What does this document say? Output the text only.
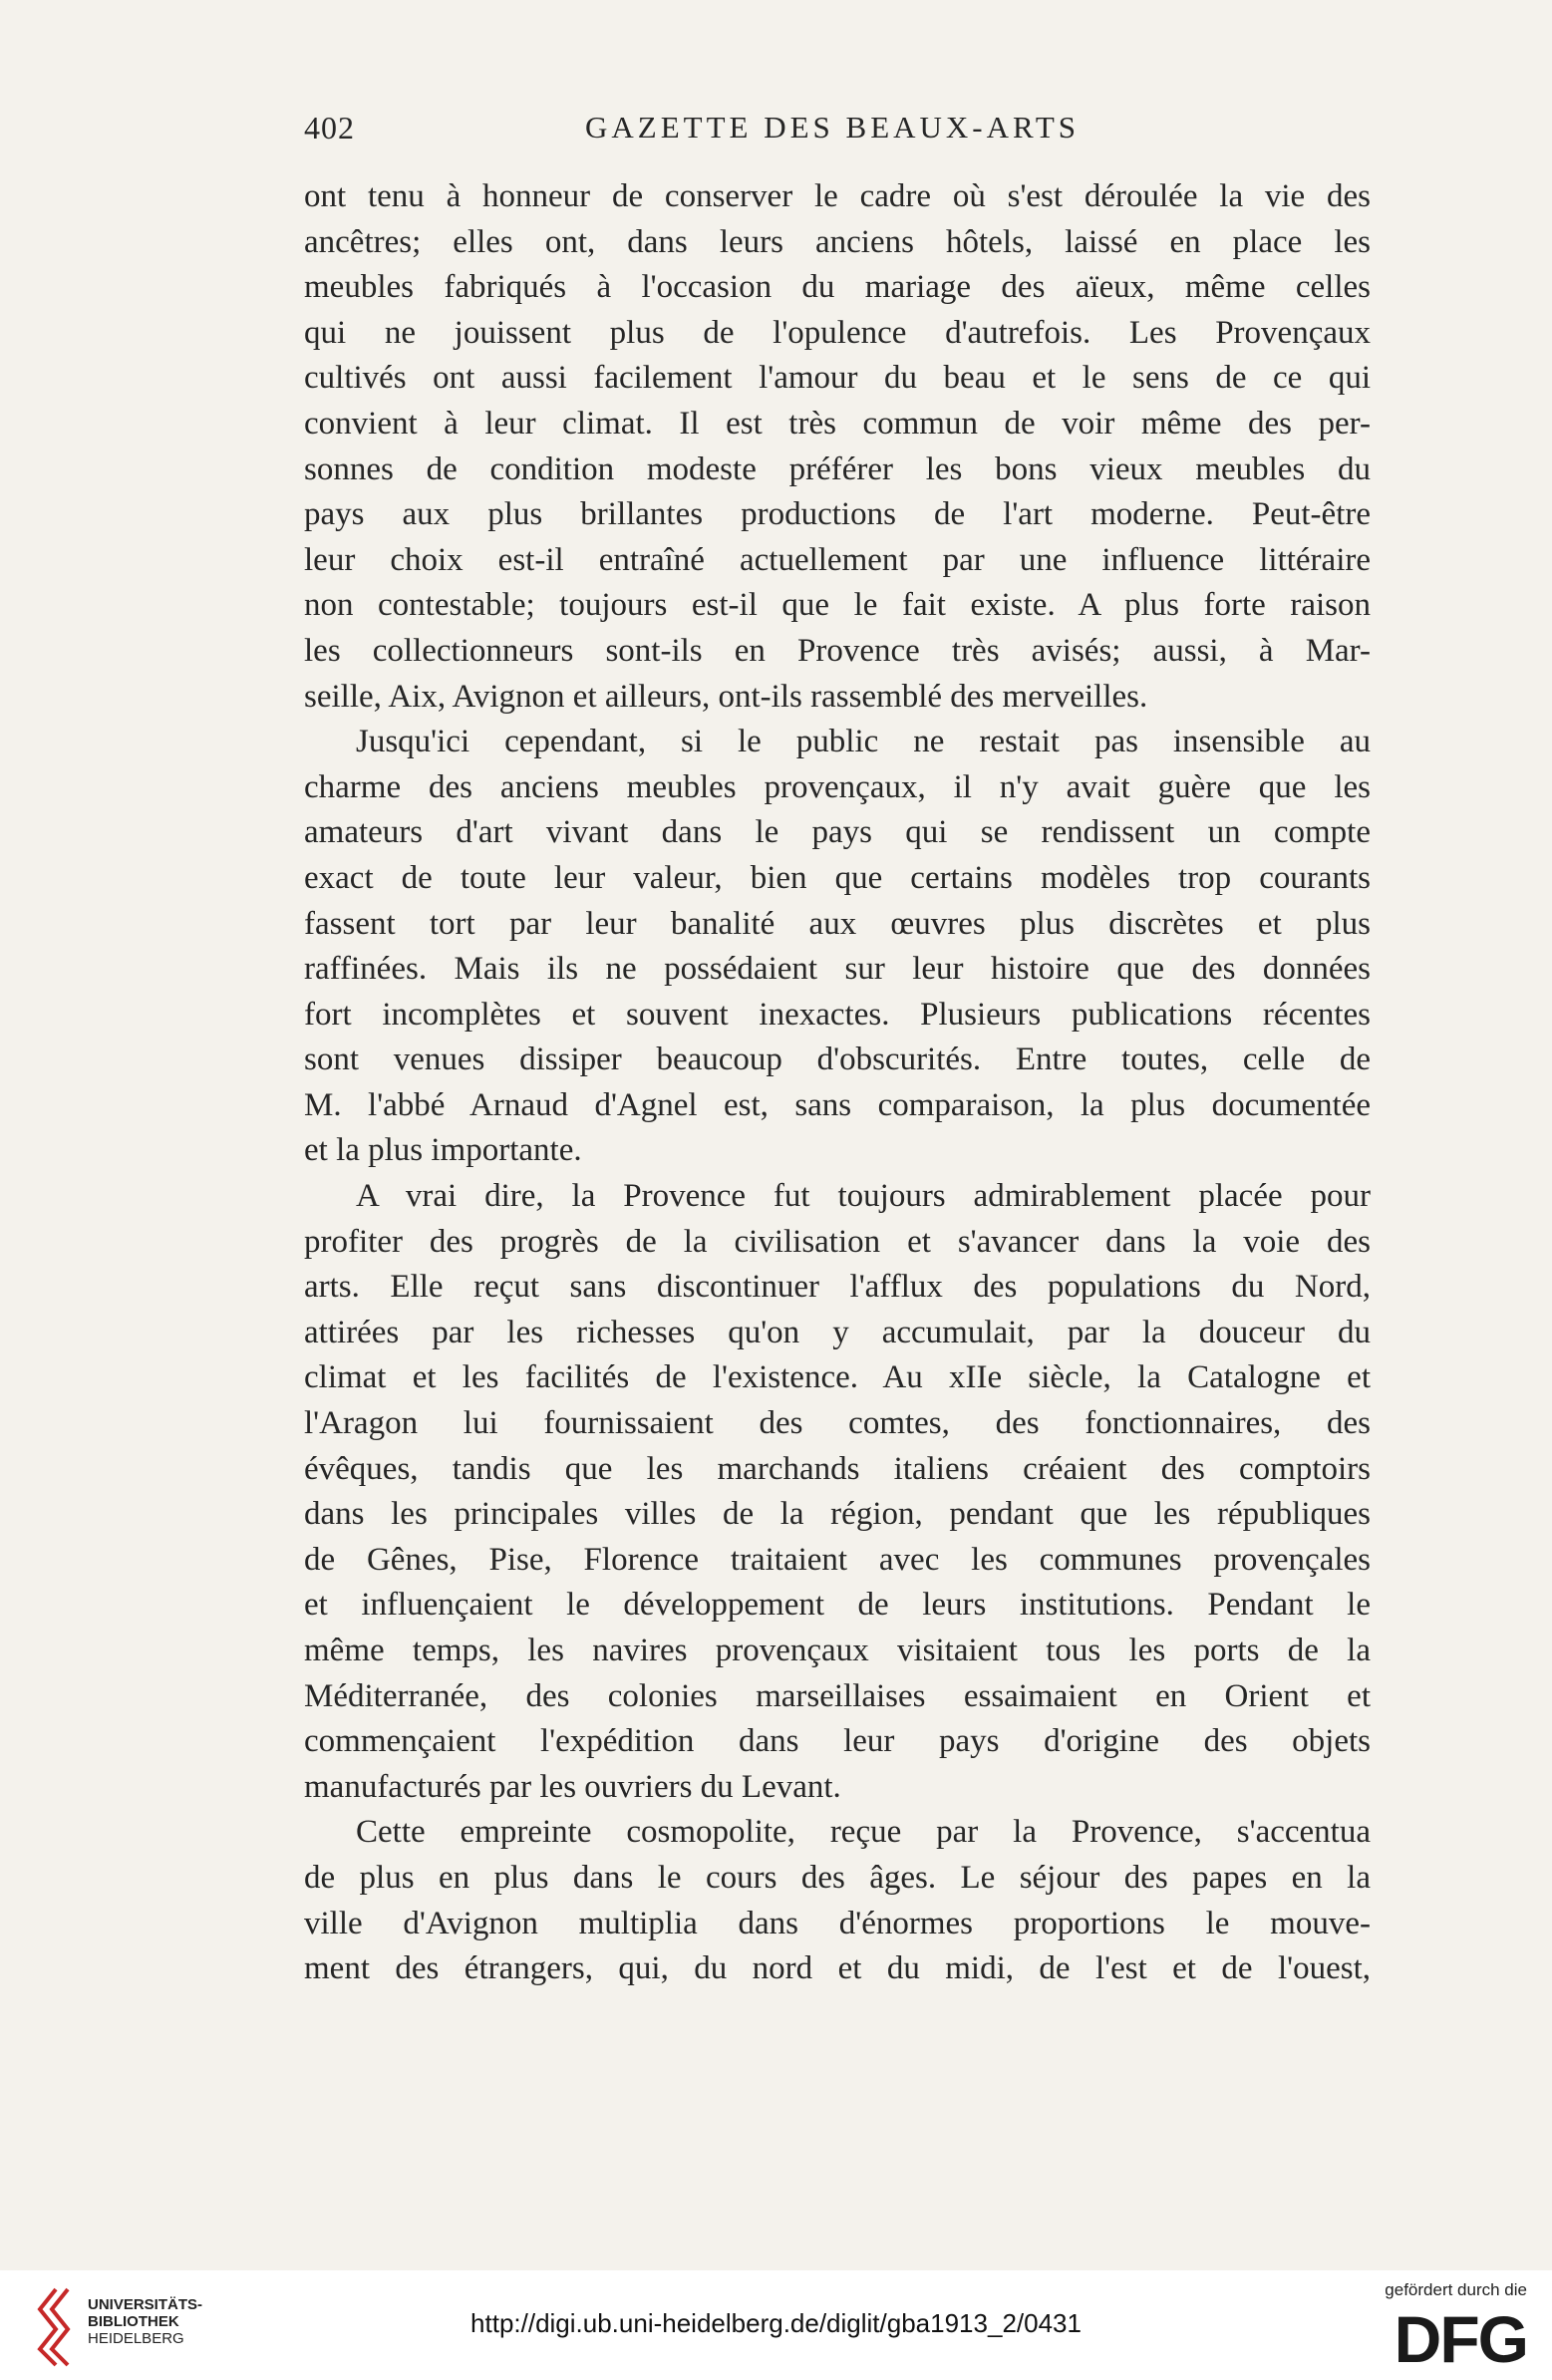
402	GAZETTE DES BEAUX-ARTS
ont tenu à honneur de conserver le cadre où s'est déroulée la vie des
ancêtres; elles ont, dans leurs anciens hôtels, laissé en place les
meubles fabriqués à l'occasion du mariage des aïeux, même celles
qui ne jouissent plus de l'opulence d'autrefois. Les Provençaux
cultivés ont aussi facilement l'amour du beau et le sens de ce qui
convient à leur climat. Il est très commun de voir même des per-
sonnes de condition modeste préférer les bons vieux meubles du
pays aux plus brillantes productions de l'art moderne. Peut-être
leur choix est-il entraîné actuellement par une influence littéraire
non contestable; toujours est-il que le fait existe. A plus forte raison
les collectionneurs sont-ils en Provence très avisés; aussi, à Mar-
seille, Aix, Avignon et ailleurs, ont-ils rassemblé des merveilles.
Jusqu'ici cependant, si le public ne restait pas insensible au
charme des anciens meubles provençaux, il n'y avait guère que les
amateurs d'art vivant dans le pays qui se rendissent un compte
exact de toute leur valeur, bien que certains modèles trop courants
fassent tort par leur banalité aux œuvres plus discrètes et plus
raffinées. Mais ils ne possédaient sur leur histoire que des données
fort incomplètes et souvent inexactes. Plusieurs publications récentes
sont venues dissiper beaucoup d'obscurités. Entre toutes, celle de
M. l'abbé Arnaud d'Agnel est, sans comparaison, la plus documentée
et la plus importante.
A vrai dire, la Provence fut toujours admirablement placée pour
profiter des progrès de la civilisation et s'avancer dans la voie des
arts. Elle reçut sans discontinuer l'afflux des populations du Nord,
attirées par les richesses qu'on y accumulait, par la douceur du
climat et les facilités de l'existence. Au xIIe siècle, la Catalogne et
l'Aragon lui fournissaient des comtes, des fonctionnaires, des
évêques, tandis que les marchands italiens créaient des comptoirs
dans les principales villes de la région, pendant que les républiques
de Gênes, Pise, Florence traitaient avec les communes provençales
et influençaient le développement de leurs institutions. Pendant le
même temps, les navires provençaux visitaient tous les ports de la
Méditerranée, des colonies marseillaises essaimaient en Orient et
commençaient l'expédition dans leur pays d'origine des objets
manufacturés par les ouvriers du Levant.
Cette empreinte cosmopolite, reçue par la Provence, s'accentua
de plus en plus dans le cours des âges. Le séjour des papes en la
ville d'Avignon multiplia dans d'énormes proportions le mouve-
ment des étrangers, qui, du nord et du midi, de l'est et de l'ouest,
UNIVERSITÄTS-
BIBLIOTHEK
HEIDELBERG
http://digi.ub.uni-heidelberg.de/diglit/gba1913_2/0431
gefördert durch die
DFG
